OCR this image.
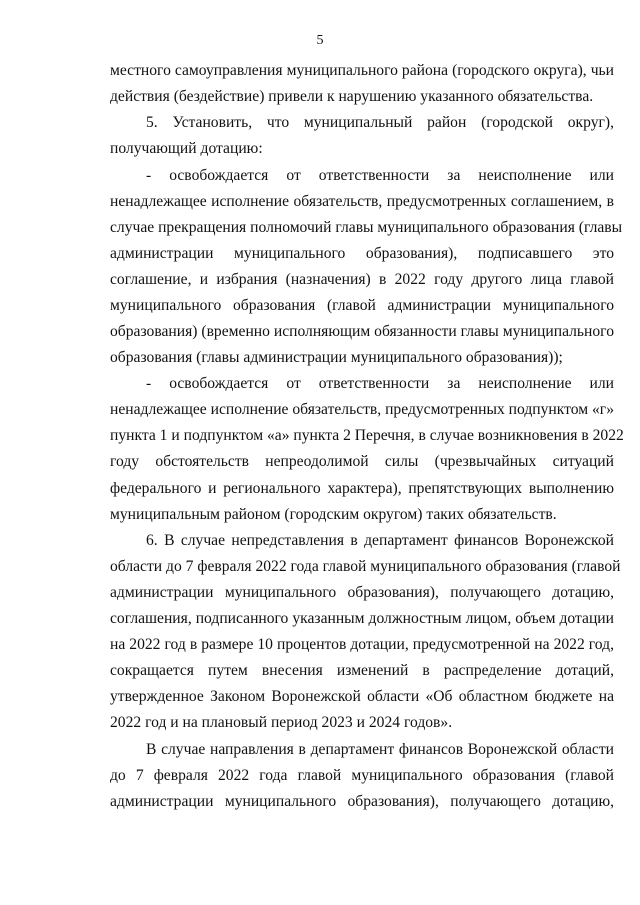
5
местного самоуправления муниципального района (городского округа), чьи
действия (бездействие) привели к нарушению указанного обязательства.
5. Установить, что муниципальный район (городской округ),
получающий дотацию:
- освобождается от ответственности за неисполнение или
ненадлежащее исполнение обязательств, предусмотренных соглашением, в
случае прекращения полномочий главы муниципального образования (главы
администрации муниципального образования), подписавшего это
соглашение, и избрания (назначения) в 2022 году другого лица главой
муниципального образования (главой администрации муниципального
образования) (временно исполняющим обязанности главы муниципального
образования (главы администрации муниципального образования));
- освобождается от ответственности за неисполнение или
ненадлежащее исполнение обязательств, предусмотренных подпунктом «г»
пункта 1 и подпунктом «а» пункта 2 Перечня, в случае возникновения в 2022
году обстоятельств непреодолимой силы (чрезвычайных ситуаций
федерального и регионального характера), препятствующих выполнению
муниципальным районом (городским округом) таких обязательств.
6. В случае непредставления в департамент финансов Воронежской
области до 7 февраля 2022 года главой муниципального образования (главой
администрации муниципального образования), получающего дотацию,
соглашения, подписанного указанным должностным лицом, объем дотации
на 2022 год в размере 10 процентов дотации, предусмотренной на 2022 год,
сокращается путем внесения изменений в распределение дотаций,
утвержденное Законом Воронежской области «Об областном бюджете на
2022 год и на плановый период 2023 и 2024 годов».
В случае направления в департамент финансов Воронежской области
до 7 февраля 2022 года главой муниципального образования (главой
администрации муниципального образования), получающего дотацию,
